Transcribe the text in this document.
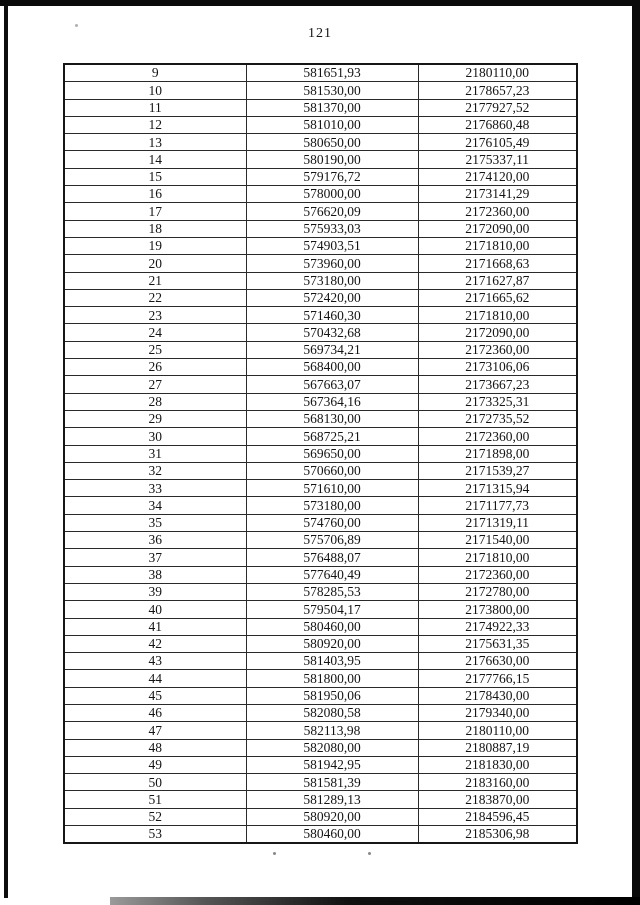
121
9	581651,93	2180110,00
10	581530,00	2178657,23
11	581370,00	2177927,52
12	581010,00	2176860,48
13	580650,00	2176105,49
14	580190,00	2175337,11
15	579176,72	2174120,00
16	578000,00	2173141,29
17	576620,09	2172360,00
18	575933,03	2172090,00
19	574903,51	2171810,00
20	573960,00	2171668,63
21	573180,00	2171627,87
22	572420,00	2171665,62
23	571460,30	2171810,00
24	570432,68	2172090,00
25	569734,21	2172360,00
26	568400,00	2173106,06
27	567663,07	2173667,23
28	567364,16	2173325,31
29	568130,00	2172735,52
30	568725,21	2172360,00
31	569650,00	2171898,00
32	570660,00	2171539,27
33	571610,00	2171315,94
34	573180,00	2171177,73
35	574760,00	2171319,11
36	575706,89	2171540,00
37	576488,07	2171810,00
38	577640,49	2172360,00
39	578285,53	2172780,00
40	579504,17	2173800,00
41	580460,00	2174922,33
42	580920,00	2175631,35
43	581403,95	2176630,00
44	581800,00	2177766,15
45	581950,06	2178430,00
46	582080,58	2179340,00
47	582113,98	2180110,00
48	582080,00	2180887,19
49	581942,95	2181830,00
50	581581,39	2183160,00
51	581289,13	2183870,00
52	580920,00	2184596,45
53	580460,00	2185306,98
